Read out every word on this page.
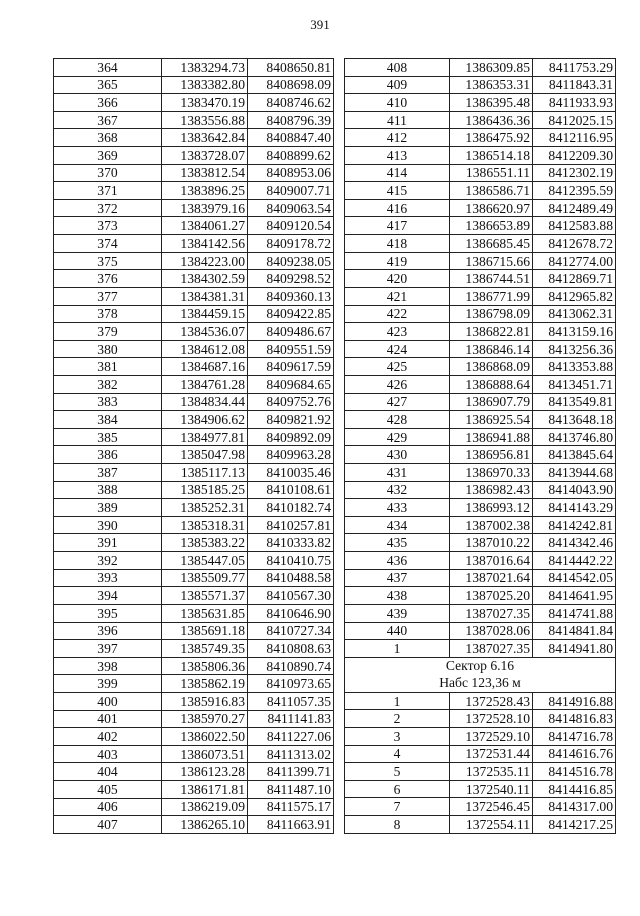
391
364	1383294.73	8408650.81
365	1383382.80	8408698.09
366	1383470.19	8408746.62
367	1383556.88	8408796.39
368	1383642.84	8408847.40
369	1383728.07	8408899.62
370	1383812.54	8408953.06
371	1383896.25	8409007.71
372	1383979.16	8409063.54
373	1384061.27	8409120.54
374	1384142.56	8409178.72
375	1384223.00	8409238.05
376	1384302.59	8409298.52
377	1384381.31	8409360.13
378	1384459.15	8409422.85
379	1384536.07	8409486.67
380	1384612.08	8409551.59
381	1384687.16	8409617.59
382	1384761.28	8409684.65
383	1384834.44	8409752.76
384	1384906.62	8409821.92
385	1384977.81	8409892.09
386	1385047.98	8409963.28
387	1385117.13	8410035.46
388	1385185.25	8410108.61
389	1385252.31	8410182.74
390	1385318.31	8410257.81
391	1385383.22	8410333.82
392	1385447.05	8410410.75
393	1385509.77	8410488.58
394	1385571.37	8410567.30
395	1385631.85	8410646.90
396	1385691.18	8410727.34
397	1385749.35	8410808.63
398	1385806.36	8410890.74
399	1385862.19	8410973.65
400	1385916.83	8411057.35
401	1385970.27	8411141.83
402	1386022.50	8411227.06
403	1386073.51	8411313.02
404	1386123.28	8411399.71
405	1386171.81	8411487.10
406	1386219.09	8411575.17
407	1386265.10	8411663.91
408	1386309.85	8411753.29
409	1386353.31	8411843.31
410	1386395.48	8411933.93
411	1386436.36	8412025.15
412	1386475.92	8412116.95
413	1386514.18	8412209.30
414	1386551.11	8412302.19
415	1386586.71	8412395.59
416	1386620.97	8412489.49
417	1386653.89	8412583.88
418	1386685.45	8412678.72
419	1386715.66	8412774.00
420	1386744.51	8412869.71
421	1386771.99	8412965.82
422	1386798.09	8413062.31
423	1386822.81	8413159.16
424	1386846.14	8413256.36
425	1386868.09	8413353.88
426	1386888.64	8413451.71
427	1386907.79	8413549.81
428	1386925.54	8413648.18
429	1386941.88	8413746.80
430	1386956.81	8413845.64
431	1386970.33	8413944.68
432	1386982.43	8414043.90
433	1386993.12	8414143.29
434	1387002.38	8414242.81
435	1387010.22	8414342.46
436	1387016.64	8414442.22
437	1387021.64	8414542.05
438	1387025.20	8414641.95
439	1387027.35	8414741.88
440	1387028.06	8414841.84
1	1387027.35	8414941.80

Сектор 6.16
Набс 123,36 м		

1	1372528.43	8414916.88
2	1372528.10	8414816.83
3	1372529.10	8414716.78
4	1372531.44	8414616.76
5	1372535.11	8414516.78
6	1372540.11	8414416.85
7	1372546.45	8414317.00
8	1372554.11	8414217.25
